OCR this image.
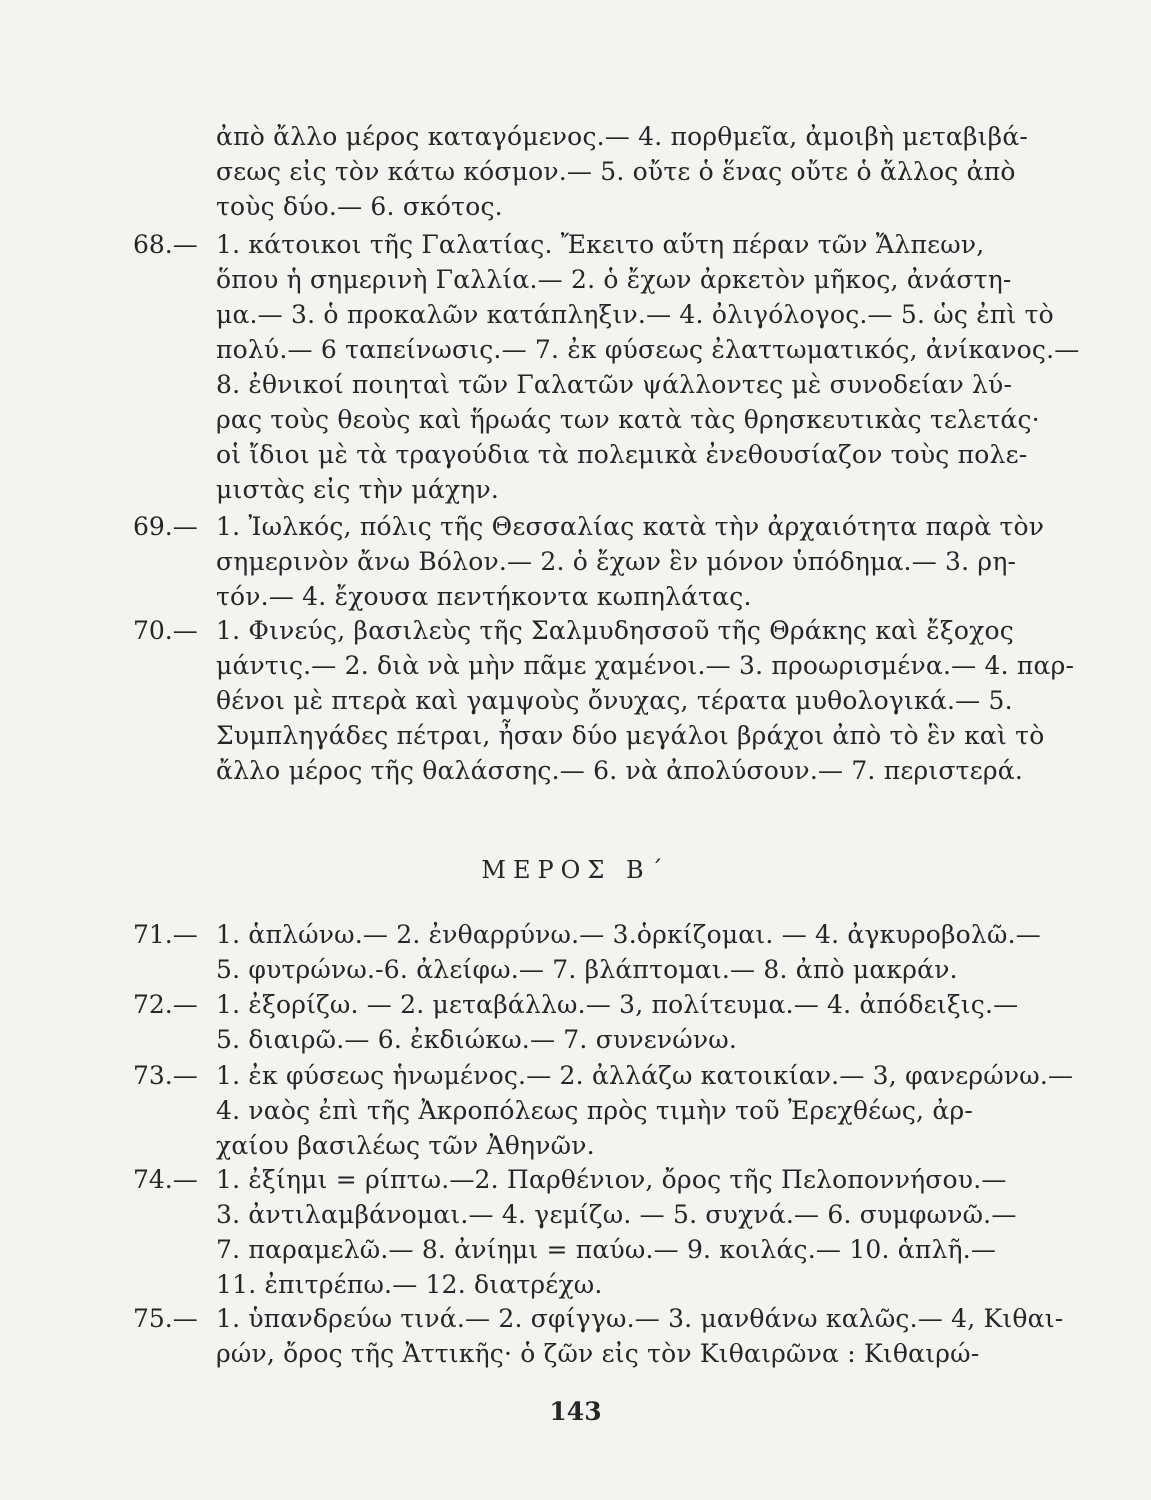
ἀπὸ ἄλλο μέρος καταγόμενος.— 4. πορθμεῖα, ἀμοιβὴ μεταβιβά-
σεως εἰς τὸν κάτω κόσμον.— 5. οὔτε ὁ ἕνας οὔτε ὁ ἄλλος ἀπὸ
τοὺς δύο.— 6. σκότος.
68.— 1. κάτοικοι τῆς Γαλατίας. Ἔκειτο αὕτη πέραν τῶν Ἄλπεων,
ὅπου ἡ σημερινὴ Γαλλία.— 2. ὁ ἔχων ἀρκετὸν μῆκος, ἀνάστη-
μα.— 3. ὁ προκαλῶν κατάπληξιν.— 4. ὀλιγόλογος.— 5. ὡς ἐπὶ τὸ
πολύ.— 6 ταπείνωσις.— 7. ἐκ φύσεως ἐλαττωματικός, ἀνίκανος.—
8. ἐθνικοί ποιηταὶ τῶν Γαλατῶν ψάλλοντες μὲ συνοδείαν λύ-
ρας τοὺς θεοὺς καὶ ἥρωάς των κατὰ τὰς θρησκευτικὰς τελετάς·
οἱ ἴδιοι μὲ τὰ τραγούδια τὰ πολεμικὰ ἐνεθουσίαζον τοὺς πολε-
μιστὰς εἰς τὴν μάχην.
69.— 1. Ἰωλκός, πόλις τῆς Θεσσαλίας κατὰ τὴν ἀρχαιότητα παρὰ τὸν
σημερινὸν ἄνω Βόλον.— 2. ὁ ἔχων ἓν μόνον ὑπόδημα.— 3. ρη-
τόν.— 4. ἔχουσα πεντήκοντα κωπηλάτας.
70.— 1. Φινεύς, βασιλεὺς τῆς Σαλμυδησσοῦ τῆς Θράκης καὶ ἔξοχος
μάντις.— 2. διὰ νὰ μὴν πᾶμε χαμένοι.— 3. προωρισμένα.— 4. παρ-
θένοι μὲ πτερὰ καὶ γαμψοὺς ὄνυχας, τέρατα μυθολογικά.— 5.
Συμπληγάδες πέτραι, ἦσαν δύο μεγάλοι βράχοι ἀπὸ τὸ ἓν καὶ τὸ
ἄλλο μέρος τῆς θαλάσσης.— 6. νὰ ἀπολύσουν.— 7. περιστερά.
ΜΕΡΟΣ Β΄
71.— 1. ἁπλώνω.— 2. ἐνθαρρύνω.— 3.ὁρκίζομαι. — 4. ἀγκυροβολῶ.—
5. φυτρώνω.-6. ἀλείφω.— 7. βλάπτομαι.— 8. ἀπὸ μακράν.
72.— 1. ἐξορίζω. — 2. μεταβάλλω.— 3, πολίτευμα.— 4. ἀπόδειξις.—
5. διαιρῶ.— 6. ἐκδιώκω.— 7. συνενώνω.
73.— 1. ἐκ φύσεως ἡνωμένος.— 2. ἀλλάζω κατοικίαν.— 3, φανερώνω.—
4. ναὸς ἐπὶ τῆς Ἀκροπόλεως πρὸς τιμὴν τοῦ Ἐρεχθέως, ἀρ-
χαίου βασιλέως τῶν Ἀθηνῶν.
74.— 1. ἐξίημι = ρίπτω.—2. Παρθένιον, ὄρος τῆς Πελοποννήσου.—
3. ἀντιλαμβάνομαι.— 4. γεμίζω. — 5. συχνά.— 6. συμφωνῶ.—
7. παραμελῶ.— 8. ἀνίημι = παύω.— 9. κοιλάς.— 10. ἁπλῆ.—
11. ἐπιτρέπω.— 12. διατρέχω.
75.— 1. ὑπανδρεύω τινά.— 2. σφίγγω.— 3. μανθάνω καλῶς.— 4, Κιθαι-
ρών, ὄρος τῆς Ἀττικῆς· ὁ ζῶν εἰς τὸν Κιθαιρῶνα : Κιθαιρώ-
143
